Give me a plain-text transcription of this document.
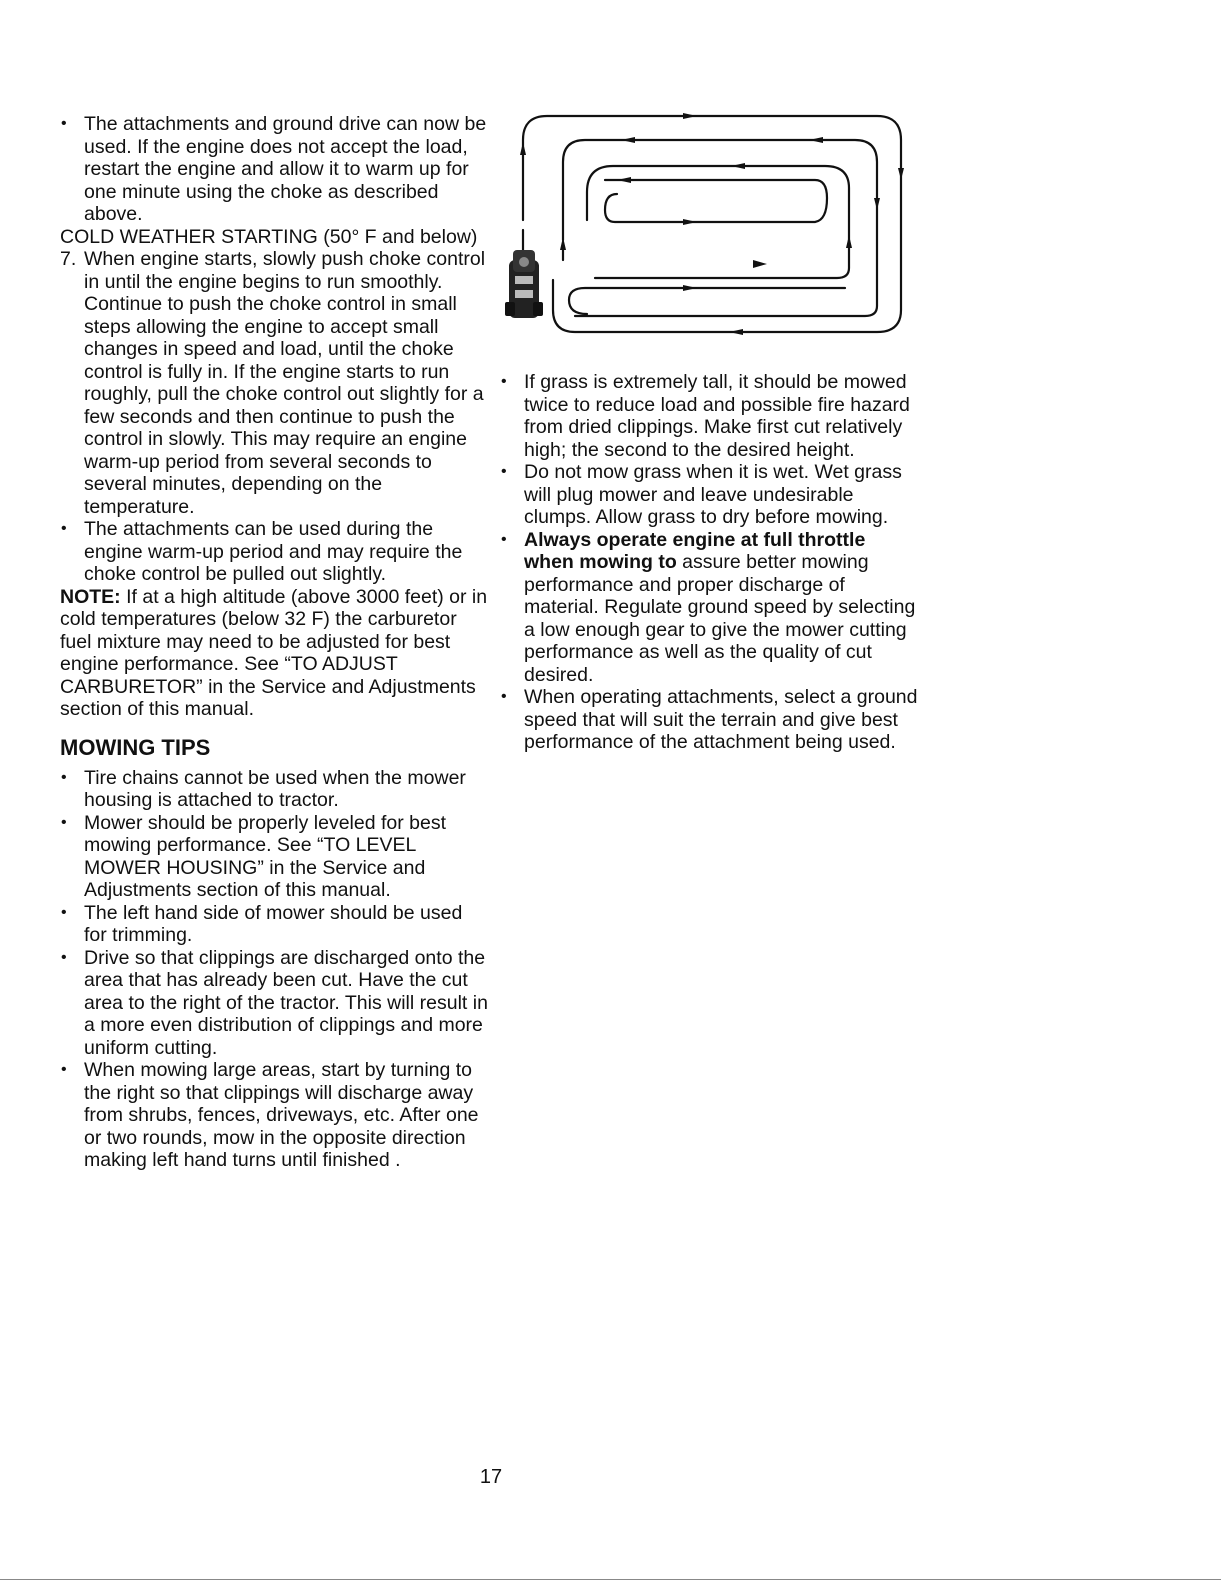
• The attachments and ground drive can now be used. If the engine does not accept the load, restart the engine and allow it to warm up for one minute using the choke as described above.

COLD WEATHER STARTING (50° F and below)

7. When engine starts, slowly push choke control in until the engine begins to run smoothly. Continue to push the choke control in small steps allowing the engine to accept small changes in speed and load, until the choke control is fully in. If the engine starts to run roughly, pull the choke control out slightly for a few seconds and then continue to push the control in slowly. This may require an engine warm-up period from several seconds to several minutes, depending on the temperature.

• The attachments can be used during the engine warm-up period and may require the choke control be pulled out slightly.

NOTE: If at a high altitude (above 3000 feet) or in cold temperatures (below 32 F) the carburetor fuel mixture may need to be adjusted for best engine performance. See “TO ADJUST CARBURETOR” in the Service and Adjustments section of this manual.

MOWING TIPS

• Tire chains cannot be used when the mower housing is attached to tractor.

• Mower should be properly leveled for best mowing performance. See “TO LEVEL MOWER HOUSING” in the Service and Adjustments section of this manual.

• The left hand side of mower should be used for trimming.

• Drive so that clippings are discharged onto the area that has already been cut. Have the cut area to the right of the tractor. This will result in a more even distribution of clippings and more uniform cutting.

• When mowing large areas, start by turning to the right so that clippings will discharge away from shrubs, fences, driveways, etc. After one or two rounds, mow in the opposite direction making left hand turns until finished .

• If grass is extremely tall, it should be mowed twice to reduce load and possible fire hazard from dried clippings. Make first cut relatively high; the second to the desired height.

• Do not mow grass when it is wet. Wet grass will plug mower and leave undesirable clumps. Allow grass to dry before mowing.

• Always operate engine at full throttle when mowing to assure better mowing performance and proper discharge of material. Regulate ground speed by selecting a low enough gear to give the mower cutting performance as well as the quality of cut desired.

• When operating attachments, select a ground speed that will suit the terrain and give best performance of the attachment being used.

17
